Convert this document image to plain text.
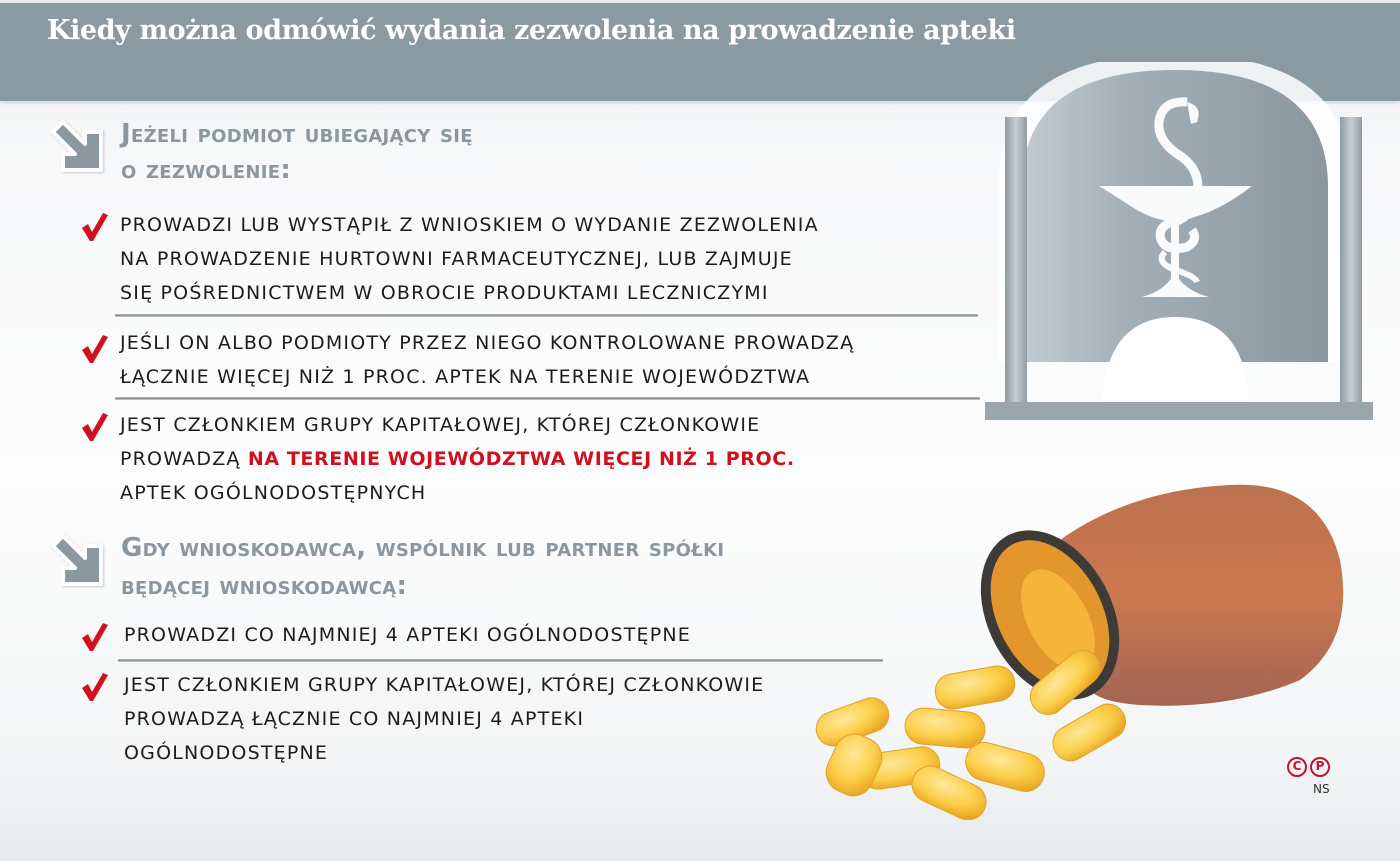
Kiedy można odmówić wydania zezwolenia na prowadzenie apteki
Jeżeli podmiot ubiegający się
o zezwolenie:
PROWADZI LUB WYSTĄPIŁ Z WNIOSKIEM O WYDANIE ZEZWOLENIA
NA PROWADZENIE HURTOWNI FARMACEUTYCZNEJ, LUB ZAJMUJE
SIĘ POŚREDNICTWEM W OBROCIE PRODUKTAMI LECZNICZYMI
JEŚLI ON ALBO PODMIOTY PRZEZ NIEGO KONTROLOWANE PROWADZĄ
ŁĄCZNIE WIĘCEJ NIŻ 1 PROC. APTEK NA TERENIE WOJEWÓDZTWA
JEST CZŁONKIEM GRUPY KAPITAŁOWEJ, KTÓREJ CZŁONKOWIE
PROWADZĄ NA TERENIE WOJEWÓDZTWA WIĘCEJ NIŻ 1 PROC.
APTEK OGÓLNODOSTĘPNYCH
Gdy wnioskodawca, wspólnik lub partner spółki
będącej wnioskodawcą:
PROWADZI CO NAJMNIEJ 4 APTEKI OGÓLNODOSTĘPNE
JEST CZŁONKIEM GRUPY KAPITAŁOWEJ, KTÓREJ CZŁONKOWIE
PROWADZĄ ŁĄCZNIE CO NAJMNIEJ 4 APTEKI
OGÓLNODOSTĘPNE
C	P
NS
